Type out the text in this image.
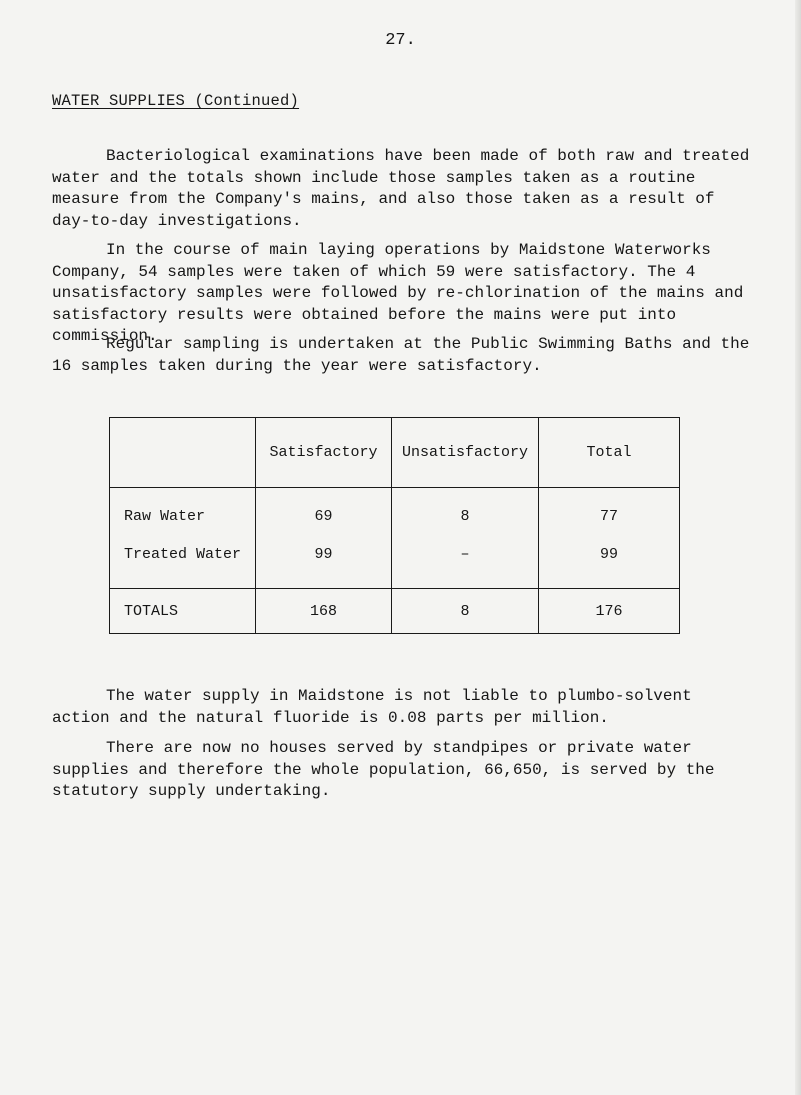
27.
WATER SUPPLIES (Continued)

Bacteriological examinations have been made of both raw and treated water and the totals shown include those samples taken as a routine measure from the Company's mains, and also those taken as a result of day-to-day investigations.

In the course of main laying operations by Maidstone Waterworks Company, 54 samples were taken of which 59 were satisfactory. The 4 unsatisfactory samples were followed by re-chlorination of the mains and satisfactory results were obtained before the mains were put into commission.

Regular sampling is undertaken at the Public Swimming Baths and the 16 samples taken during the year were satisfactory.

	Satisfactory	Unsatisfactory	Total
Raw Water	69	8	77
Treated Water	99	–	99
TOTALS	168	8	176

The water supply in Maidstone is not liable to plumbo-solvent action and the natural fluoride is 0.08 parts per million.

There are now no houses served by standpipes or private water supplies and therefore the whole population, 66,650, is served by the statutory supply undertaking.
